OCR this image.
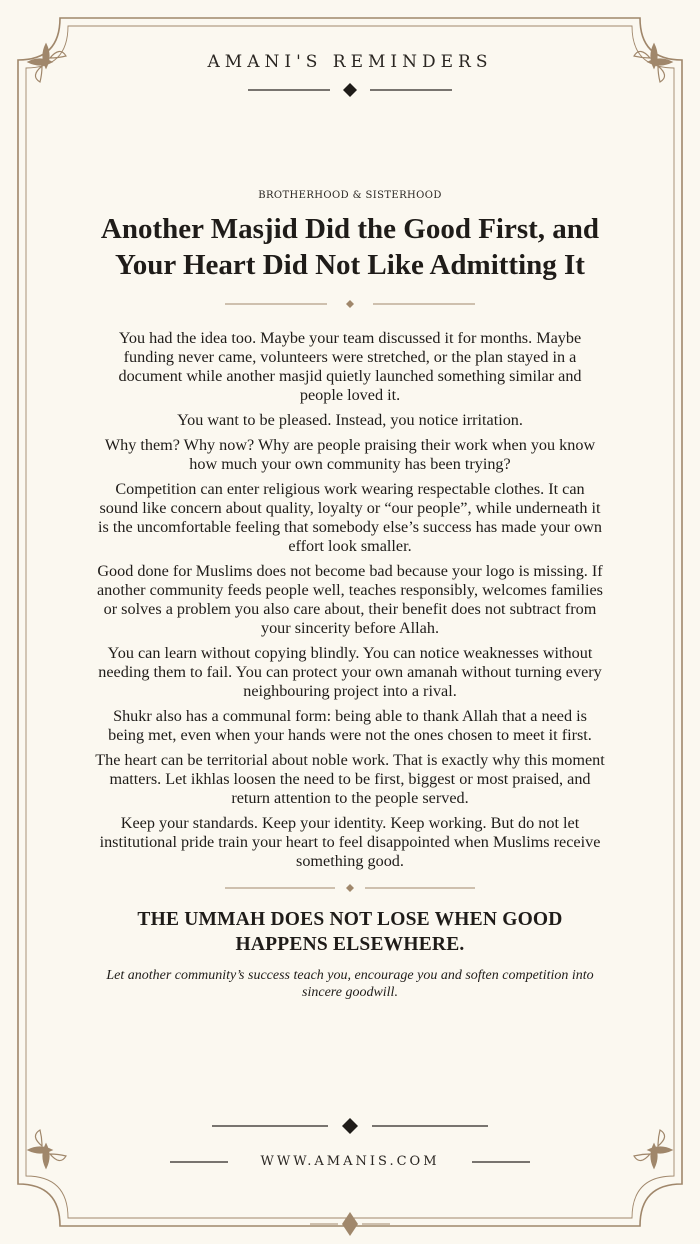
AMANI'S REMINDERS
BROTHERHOOD & SISTERHOOD
Another Masjid Did the Good First, and Your Heart Did Not Like Admitting It

You had the idea too. Maybe your team discussed it for months. Maybe funding never came, volunteers were stretched, or the plan stayed in a document while another masjid quietly launched something similar and people loved it.

You want to be pleased. Instead, you notice irritation.

Why them? Why now? Why are people praising their work when you know how much your own community has been trying?

Competition can enter religious work wearing respectable clothes. It can sound like concern about quality, loyalty or “our people”, while underneath it is the uncomfortable feeling that somebody else’s success has made your own effort look smaller.

Good done for Muslims does not become bad because your logo is missing. If another community feeds people well, teaches responsibly, welcomes families or solves a problem you also care about, their benefit does not subtract from your sincerity before Allah.

You can learn without copying blindly. You can notice weaknesses without needing them to fail. You can protect your own amanah without turning every neighbouring project into a rival.

Shukr also has a communal form: being able to thank Allah that a need is being met, even when your hands were not the ones chosen to meet it first.

The heart can be territorial about noble work. That is exactly why this moment matters. Let ikhlas loosen the need to be first, biggest or most praised, and return attention to the people served.

Keep your standards. Keep your identity. Keep working. But do not let institutional pride train your heart to feel disappointed when Muslims receive something good.

THE UMMAH DOES NOT LOSE WHEN GOOD HAPPENS ELSEWHERE.

Let another community’s success teach you, encourage you and soften competition into sincere goodwill.

WWW.AMANIS.COM
